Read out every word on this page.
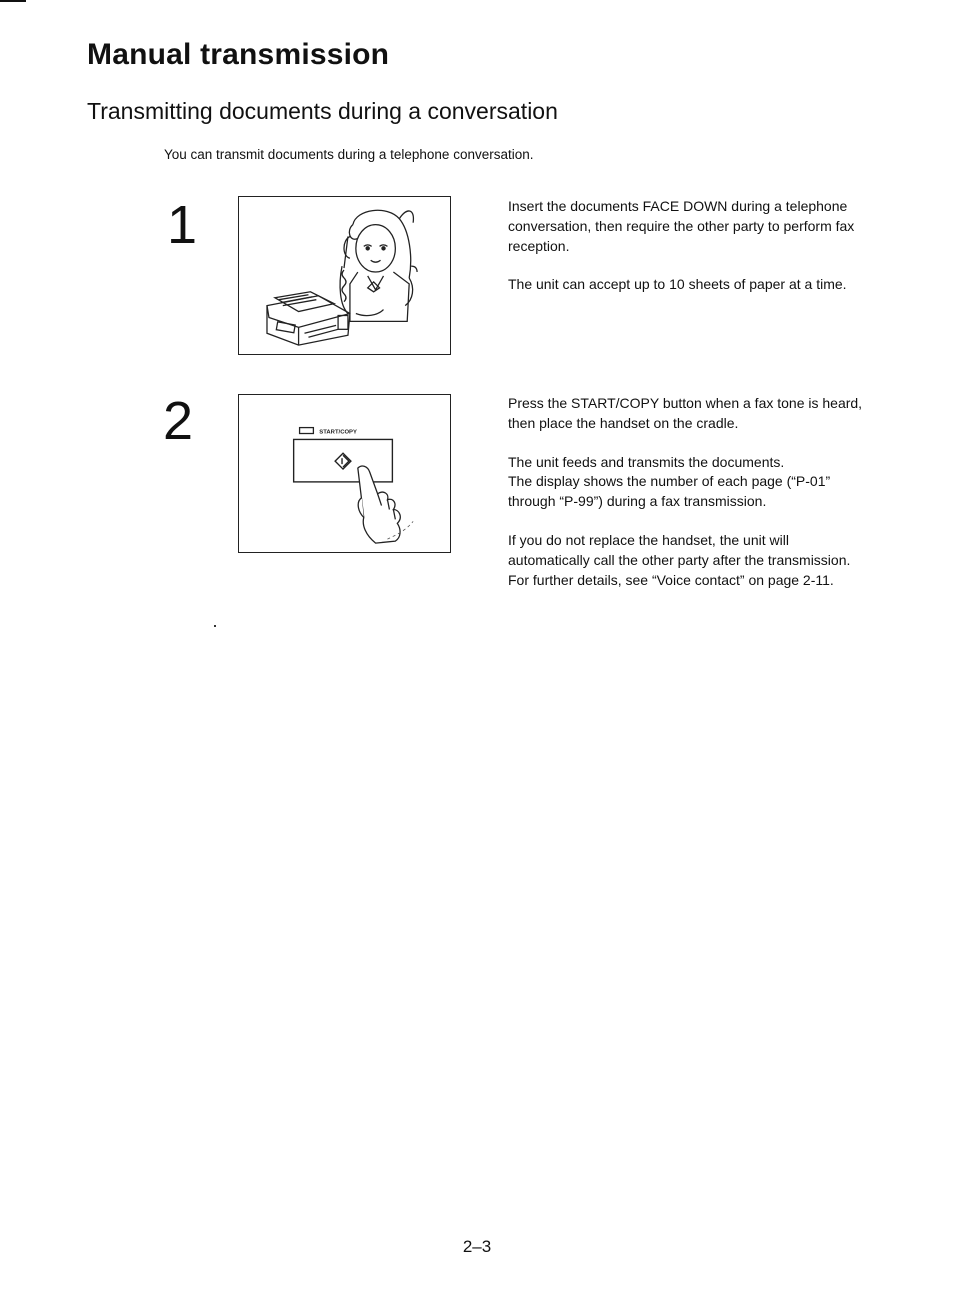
Manual transmission
Transmitting documents during a conversation

You can transmit documents during a telephone conversation.

1	Insert the documents FACE DOWN during a telephone conversation, then require the other party to perform fax reception.

The unit can accept up to 10 sheets of paper at a time.

2	START/COPY

Press the START/COPY button when a fax tone is heard, then place the handset on the cradle.

The unit feeds and transmits the documents.

The display shows the number of each page (“P-01” through “P-99”) during a fax transmission.

If you do not replace the handset, the unit will automatically call the other party after the transmission. For further details, see “Voice contact” on page 2-11.

2–3
